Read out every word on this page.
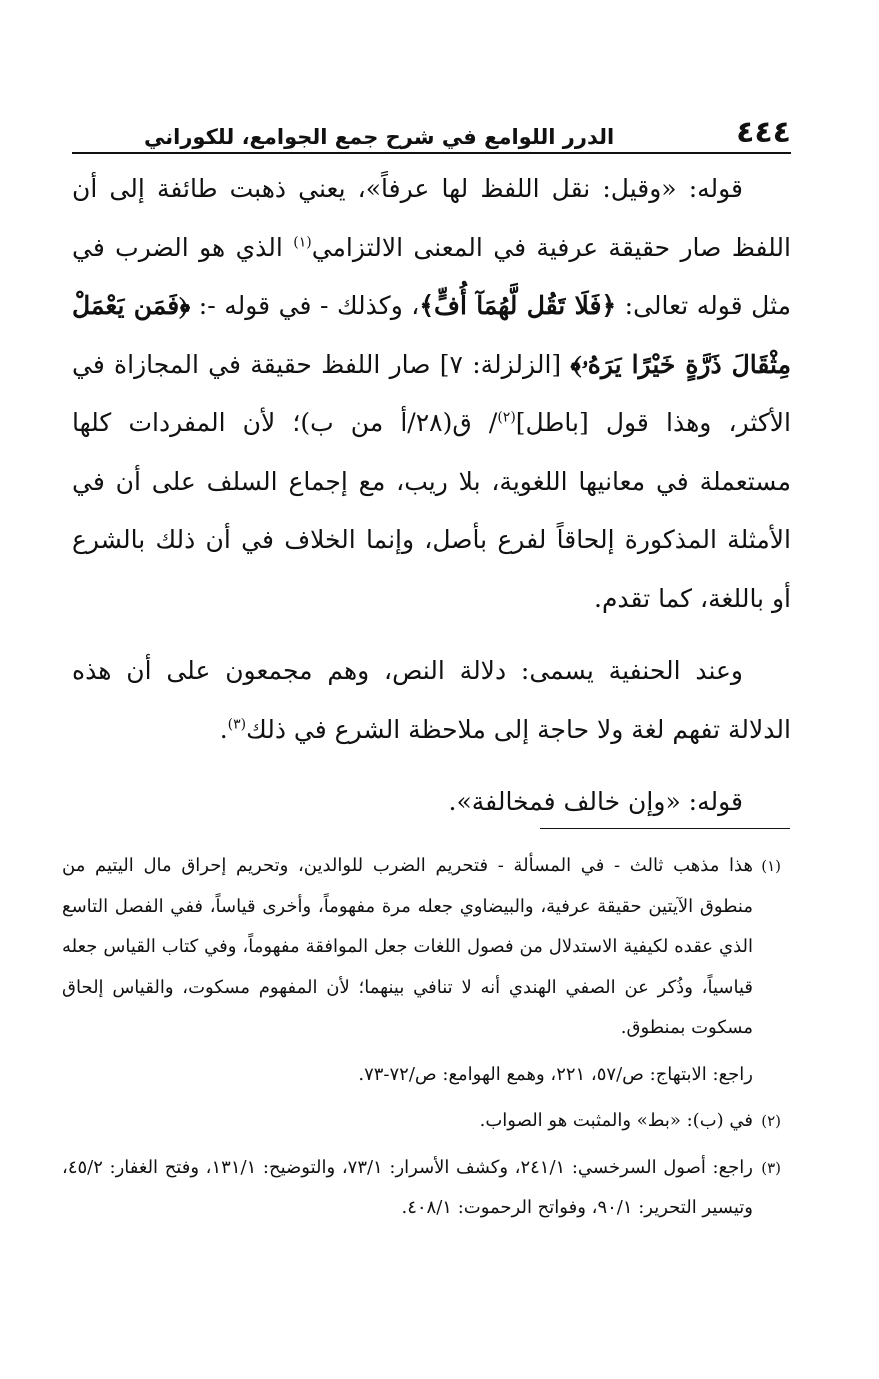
٤٤٤
الدرر اللوامع في شرح جمع الجوامع، للكوراني

قوله: «وقيل: نقل اللفظ لها عرفاً»، يعني ذهبت طائفة إلى أن اللفظ صار حقيقة عرفية في المعنى الالتزامي$^{(١)}$ الذي هو الضرب في مثل قوله تعالى: ﴿فَلَا تَقُل لَّهُمَآ أُفٍّ﴾، وكذلك - في قوله -: ﴿فَمَن يَعْمَلْ مِثْقَالَ ذَرَّةٍ خَيْرًا يَرَهُۥ﴾ [الزلزلة: ٧] صار اللفظ حقيقة في المجازاة في الأكثر، وهذا قول [باطل]$^{(٢)}$/ ق(٢٨/أ من ب)؛ لأن المفردات كلها مستعملة في معانيها اللغوية، بلا ريب، مع إجماع السلف على أن في الأمثلة المذكورة إلحاقاً لفرع بأصل، وإنما الخلاف في أن ذلك بالشرع أو باللغة، كما تقدم.

وعند الحنفية يسمى: دلالة النص، وهم مجمعون على أن هذه الدلالة تفهم لغة ولا حاجة إلى ملاحظة الشرع في ذلك$^{(٣)}$.

قوله: «وإن خالف فمخالفة».

(١)
هذا مذهب ثالث - في المسألة - فتحريم الضرب للوالدين، وتحريم إحراق مال اليتيم من منطوق الآيتين حقيقة عرفية، والبيضاوي جعله مرة مفهوماً، وأخرى قياساً، ففي الفصل التاسع الذي عقده لكيفية الاستدلال من فصول اللغات جعل الموافقة مفهوماً، وفي كتاب القياس جعله قياسياً، وذُكر عن الصفي الهندي أنه لا تنافي بينهما؛ لأن المفهوم مسكوت، والقياس إلحاق مسكوت بمنطوق.

راجع: الابتهاج: ص/٥٧، ٢٢١، وهمع الهوامع: ص/٧٢-٧٣.

(٢)
في (ب): «بط» والمثبت هو الصواب.

(٣)
راجع: أصول السرخسي: ٢٤١/١، وكشف الأسرار: ٧٣/١، والتوضيح: ١٣١/١، وفتح الغفار: ٤٥/٢، وتيسير التحرير: ٩٠/١، وفواتح الرحموت: ٤٠٨/١.
